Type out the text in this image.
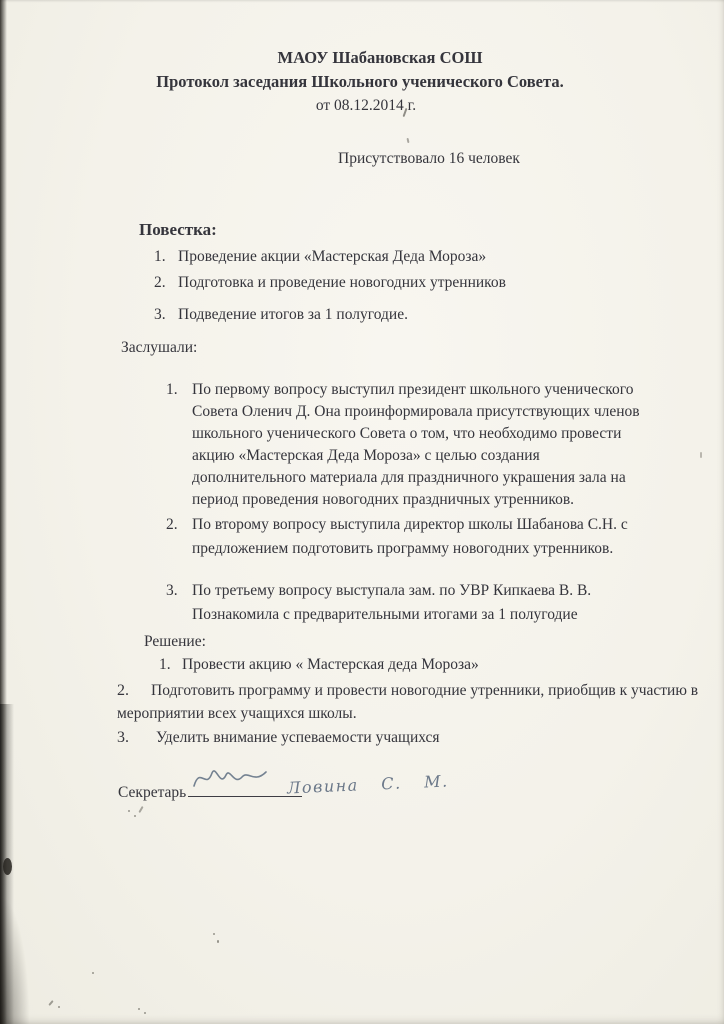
МАОУ Шабановская СОШ
Протокол заседания Школьного ученического Совета.
от 08.12.2014 г.
Присутствовало 16 человек
Повестка:
1. Проведение акции «Мастерская Деда Мороза»
2. Подготовка и проведение новогодних утренников
3. Подведение итогов за 1 полугодие.
Заслушали:
1. По первому вопросу выступил президент школьного ученического Совета Оленич Д. Она проинформировала присутствующих членов школьного ученического Совета о том, что необходимо провести акцию «Мастерская Деда Мороза» с целью создания дополнительного материала для праздничного украшения зала на период проведения новогодних праздничных утренников.
2. По второму вопросу выступила директор школы Шабанова С.Н. с предложением подготовить программу новогодних утренников.
3. По третьему вопросу выступала зам. по УВР Кипкаева В. В. Познакомила с предварительными итогами за 1 полугодие
Решение:
1. Провести акцию « Мастерская деда Мороза»
2. Подготовить программу и провести новогодние утренники, приобщив к участию в мероприятии всех учащихся школы.
3. Уделить внимание успеваемости учащихся
Секретарь	Ловина С. М.
